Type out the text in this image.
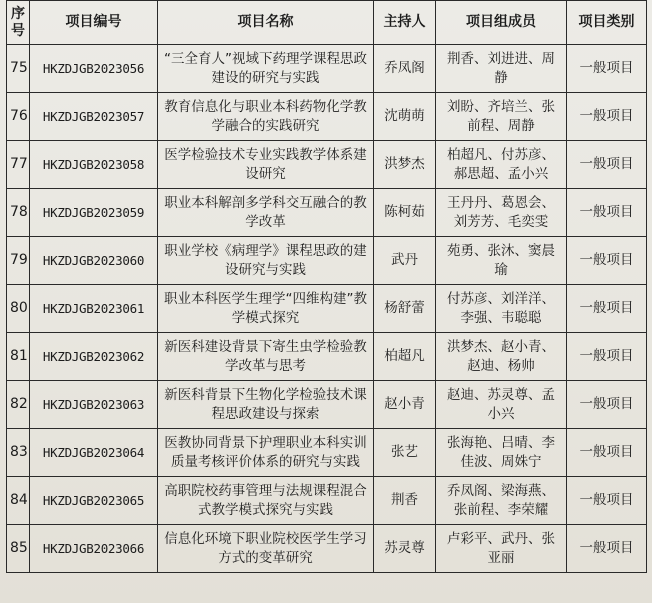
序
号	项目编号	项目名称	主持人	项目组成员	项目类别
75	HKZDJGB2023056	“三全育人”视域下药理学课程思政建设的研究与实践	乔凤阁	荆香、刘进进、周静	一般项目
76	HKZDJGB2023057	教育信息化与职业本科药物化学教学融合的实践研究	沈萌萌	刘盼、齐培兰、张前程、周静	一般项目
77	HKZDJGB2023058	医学检验技术专业实践教学体系建设研究	洪梦杰	柏超凡、付苏彦、郝思超、孟小兴	一般项目
78	HKZDJGB2023059	职业本科解剖多学科交互融合的教学改革	陈柯茹	王丹丹、葛恩会、刘芳芳、毛奕雯	一般项目
79	HKZDJGB2023060	职业学校《病理学》课程思政的建设研究与实践	武丹	苑勇、张沐、窦晨瑜	一般项目
80	HKZDJGB2023061	职业本科医学生理学“四维构建”教学模式探究	杨舒蕾	付苏彦、刘洋洋、李强、韦聪聪	一般项目
81	HKZDJGB2023062	新医科建设背景下寄生虫学检验教学改革与思考	柏超凡	洪梦杰、赵小青、赵迪、杨帅	一般项目
82	HKZDJGB2023063	新医科背景下生物化学检验技术课程思政建设与探索	赵小青	赵迪、苏灵尊、孟小兴	一般项目
83	HKZDJGB2023064	医教协同背景下护理职业本科实训质量考核评价体系的研究与实践	张艺	张海艳、吕晴、李佳波、周姝宁	一般项目
84	HKZDJGB2023065	高职院校药事管理与法规课程混合式教学模式探究与实践	荆香	乔凤阁、梁海燕、张前程、李荣耀	一般项目
85	HKZDJGB2023066	信息化环境下职业院校医学生学习方式的变革研究	苏灵尊	卢彩平、武丹、张亚丽	一般项目
